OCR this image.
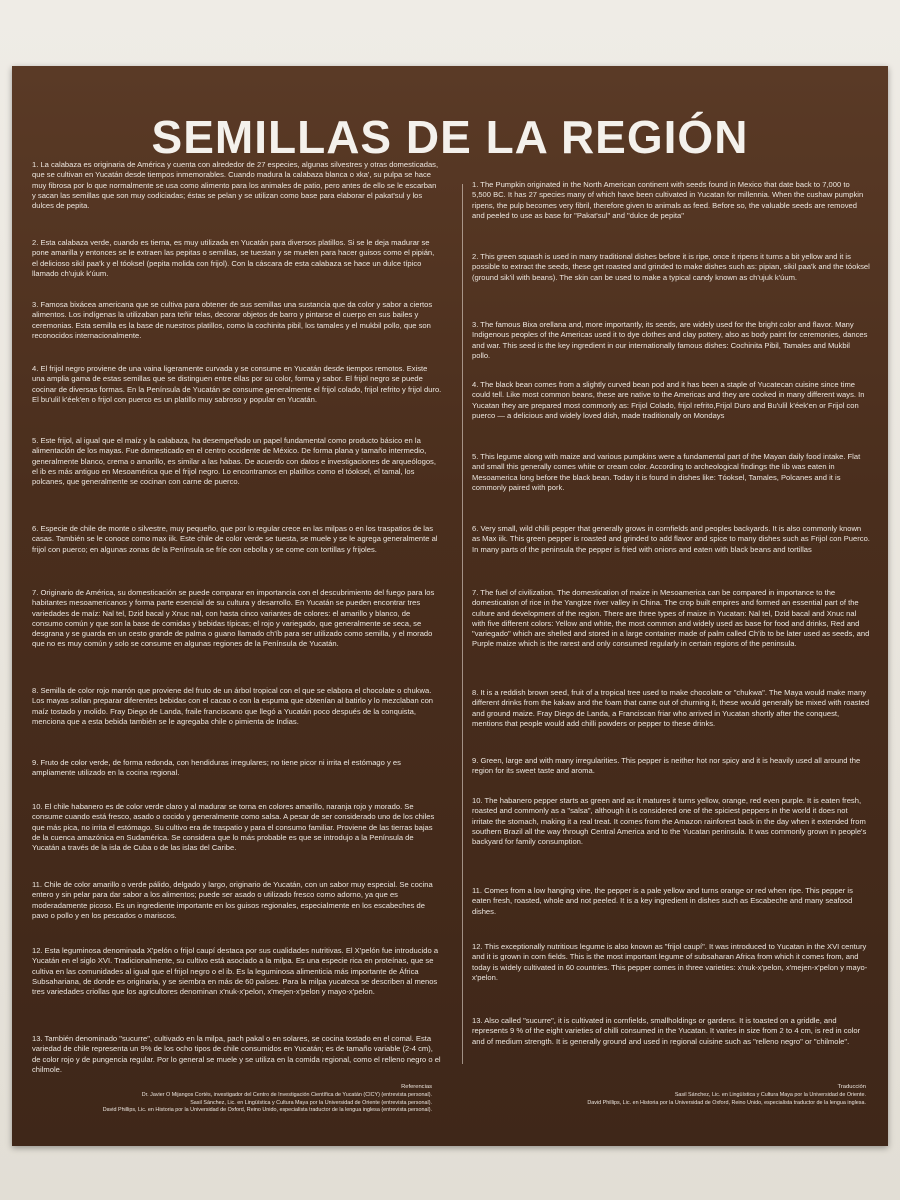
SEMILLAS DE LA REGIÓN

1. La calabaza es originaria de América y cuenta con alrededor de 27 especies, algunas silvestres y otras domesticadas, que se cultivan en Yucatán desde tiempos inmemorables. Cuando madura la calabaza blanca o xka', su pulpa se hace muy fibrosa por lo que normalmente se usa como alimento para los animales de patio, pero antes de ello se le escarban y sacan las semillas que son muy codiciadas; éstas se pelan y se utilizan como base para elaborar el pakat'sul y los dulces de pepita.

2. Esta calabaza verde, cuando es tierna, es muy utilizada en Yucatán para diversos platillos. Si se le deja madurar se pone amarilla y entonces se le extraen las pepitas o semillas, se tuestan y se muelen para hacer guisos como el pipián, el delicioso sikil paa'k y el tóoksel (pepita molida con frijol). Con la cáscara de esta calabaza se hace un dulce típico llamado ch'ujuk k'úum.

3. Famosa bixácea americana que se cultiva para obtener de sus semillas una sustancia que da color y sabor a ciertos alimentos. Los indígenas la utilizaban para teñir telas, decorar objetos de barro y pintarse el cuerpo en sus bailes y ceremonias. Esta semilla es la base de nuestros platillos, como la cochinita pibil, los tamales y el mukbil pollo, que son reconocidos internacionalmente.

4. El frijol negro proviene de una vaina ligeramente curvada y se consume en Yucatán desde tiempos remotos. Existe una amplia gama de estas semillas que se distinguen entre ellas por su color, forma y sabor. El frijol negro se puede cocinar de diversas formas. En la Península de Yucatán se consume generalmente el frijol colado, frijol refrito y frijol duro. El bu'ulil k'éek'en o frijol con puerco es un platillo muy sabroso y popular en Yucatán.

5. Este frijol, al igual que el maíz y la calabaza, ha desempeñado un papel fundamental como producto básico en la alimentación de los mayas. Fue domesticado en el centro occidente de México. De forma plana y tamaño intermedio, generalmente blanco, crema o amarillo, es similar a las habas. De acuerdo con datos e investigaciones de arqueólogos, el ib es más antiguo en Mesoamérica que el frijol negro. Lo encontramos en platillos como el tóoksel, el tamal, los polcanes, que generalmente se cocinan con carne de puerco.

6. Especie de chile de monte o silvestre, muy pequeño, que por lo regular crece en las milpas o en los traspatios de las casas. También se le conoce como max iik. Este chile de color verde se tuesta, se muele y se le agrega generalmente al frijol con puerco; en algunas zonas de la Península se fríe con cebolla y se come con tortillas y frijoles.

7. Originario de América, su domesticación se puede comparar en importancia con el descubrimiento del fuego para los habitantes mesoamericanos y forma parte esencial de su cultura y desarrollo. En Yucatán se pueden encontrar tres variedades de maíz: Nal tel, Dzid bacal y Xnuc nal, con hasta cinco variantes de colores: el amarillo y blanco, de consumo común y que son la base de comidas y bebidas típicas; el rojo y variegado, que generalmente se seca, se desgrana y se guarda en un cesto grande de palma o guano llamado ch'íb para ser utilizado como semilla, y el morado que no es muy común y solo se consume en algunas regiones de la Península de Yucatán.

8. Semilla de color rojo marrón que proviene del fruto de un árbol tropical con el que se elabora el chocolate o chukwa. Los mayas solían preparar diferentes bebidas con el cacao o con la espuma que obtenían al batirlo y lo mezclaban con maíz tostado y molido. Fray Diego de Landa, fraile franciscano que llegó a Yucatán poco después de la conquista, menciona que a esta bebida también se le agregaba chile o pimienta de Indias.

9. Fruto de color verde, de forma redonda, con hendiduras irregulares; no tiene picor ni irrita el estómago y es ampliamente utilizado en la cocina regional.

10. El chile habanero es de color verde claro y al madurar se torna en colores amarillo, naranja rojo y morado. Se consume cuando está fresco, asado o cocido y generalmente como salsa. A pesar de ser considerado uno de los chiles que más pica, no irrita el estómago. Su cultivo era de traspatio y para el consumo familiar. Proviene de las tierras bajas de la cuenca amazónica en Sudamérica. Se considera que lo más probable es que se introdujo a la Península de Yucatán a través de la isla de Cuba o de las islas del Caribe.

11. Chile de color amarillo o verde pálido, delgado y largo, originario de Yucatán, con un sabor muy especial. Se cocina entero y sin pelar para dar sabor a los alimentos; puede ser asado o utilizado fresco como adorno, ya que es moderadamente picoso. Es un ingrediente importante en los guisos regionales, especialmente en los escabeches de pavo o pollo y en los pescados o mariscos.

12. Esta leguminosa denominada X'pelón o frijol caupí destaca por sus cualidades nutritivas. El X'pelón fue introducido a Yucatán en el siglo XVI. Tradicionalmente, su cultivo está asociado a la milpa. Es una especie rica en proteínas, que se cultiva en las comunidades al igual que el frijol negro o el ib. Es la leguminosa alimenticia más importante de África Subsahariana, de donde es originaria, y se siembra en más de 60 países. Para la milpa yucateca se describen al menos tres variedades criollas que los agricultores denominan x'nuk-x'pelon, x'mejen-x'pelon y mayo-x'pelon.

13. También denominado "sucurre", cultivado en la milpa, pach pakal o en solares, se cocina tostado en el comal. Esta variedad de chile representa un 9% de los ocho tipos de chile consumidos en Yucatán; es de tamaño variable (2-4 cm), de color rojo y de pungencia regular. Por lo general se muele y se utiliza en la comida regional, como el relleno negro o el chilmole.

1. The Pumpkin originated in the North American continent with seeds found in Mexico that date back to 7,000 to 5,500 BC. It has 27 species many of which have been cultivated in Yucatan for millennia. When the cushaw pumpkin ripens, the pulp becomes very fibril, therefore given to animals as feed. Before so, the valuable seeds are removed and peeled to use as base for "Pakat'sul" and "dulce de pepita"

2. This green squash is used in many traditional dishes before it is ripe, once it ripens it turns a bit yellow and it is possible to extract the seeds, these get roasted and grinded to make dishes such as: pipian, sikil paa'k and the tóoksel (ground sik'il with beans). The skin can be used to make a typical candy known as ch'ujuk k'úum.

3. The famous Bixa orellana and, more importantly, its seeds, are widely used for the bright color and flavor. Many Indigenous peoples of the Americas used it to dye clothes and clay pottery, also as body paint for ceremonies, dances and war. This seed is the key ingredient in our internationally famous dishes: Cochinita Pibil, Tamales and Mukbil pollo.

4. The black bean comes from a slightly curved bean pod and it has been a staple of Yucatecan cuisine since time could tell. Like most common beans, these are native to the Americas and they are cooked in many different ways. In Yucatan they are prepared most commonly as: Frijol Colado, frijol refrito,Frijol Duro and Bu'ulil k'éek'en or Frijol con puerco — a delicious and widely loved dish, made traditionally on Mondays

5. This legume along with maize and various pumpkins were a fundamental part of the Mayan daily food intake. Flat and small this generally comes white or cream color. According to archeological findings the Iib was eaten in Mesoamerica long before the black bean. Today it is found in dishes like: Tóoksel, Tamales, Polcanes and it is commonly paired with pork.

6. Very small, wild chilli pepper that generally grows in cornfields and peoples backyards. It is also commonly known as Max iik. This green pepper is roasted and grinded to add flavor and spice to many dishes such as Frijol con Puerco. In many parts of the peninsula the pepper is fried with onions and eaten with black beans and tortillas

7. The fuel of civilization. The domestication of maize in Mesoamerica can be compared in importance to the domestication of rice in the Yangtze river valley in China. The crop built empires and formed an essential part of the culture and development of the region. There are three types of maize in Yucatan: Nal tel, Dzid bacal and Xnuc nal with five different colors: Yellow and white, the most common and widely used as base for food and drinks, Red and "variegado" which are shelled and stored in a large container made of palm called Ch'ib to be later used as seeds, and Purple maize which is the rarest and only consumed regularly in certain regions of the peninsula.

8. It is a reddish brown seed, fruit of a tropical tree used to make chocolate or "chukwa". The Maya would make many different drinks from the kakaw and the foam that came out of churning it, these would generally be mixed with roasted and ground maize. Fray Diego de Landa, a Franciscan friar who arrived in Yucatan shortly after the conquest, mentions that people would add chilli powders or pepper to these drinks.

9. Green, large and with many irregularities. This pepper is neither hot nor spicy and it is heavily used all around the region for its sweet taste and aroma.

10. The habanero pepper starts as green and as it matures it turns yellow, orange, red even purple. It is eaten fresh, roasted and commonly as a "salsa", although it is considered one of the spiciest peppers in the world it does not irritate the stomach, making it a real treat. It comes from the Amazon rainforest back in the day when it extended from southern Brazil all the way through Central America and to the Yucatan peninsula. It was commonly grown in people's backyard for family consumption.

11. Comes from a low hanging vine, the pepper is a pale yellow and turns orange or red when ripe. This pepper is eaten fresh, roasted, whole and not peeled. It is a key ingredient in dishes such as Escabeche and many seafood dishes.

12. This exceptionally nutritious legume is also known as "frijol caupí". It was introduced to Yucatan in the XVI century and it is grown in corn fields. This is the most important legume of subsaharan Africa from which it comes from, and today is widely cultivated in 60 countries. This pepper comes in three varieties: x'nuk-x'pelon, x'mejen-x'pelon y mayo-x'pelon.

13. Also called "sucurre", it is cultivated in cornfields, smallholdings or gardens. It is toasted on a griddle, and represents 9 % of the eight varieties of chilli consumed in the Yucatan. It varies in size from 2 to 4 cm, is red in color and of medium strength. It is generally ground and used in regional cuisine such as "relleno negro" or "chilmole".

Referencias
Dr. Javier O Mijangos Cortés, investigador del Centro de Investigación Científica de Yucatán (CICY) (entrevista personal).
Sasil Sánchez, Lic. en Lingüística y Cultura Maya por la Universidad de Oriente (entrevista personal).
David Phillips, Lic. en Historia por la Universidad de Oxford, Reino Unido, especialista traductor de la lengua inglesa (entrevista personal).
Traducción
Sasil Sánchez, Lic. en Lingüística y Cultura Maya por la Universidad de Oriente.
David Phillips, Lic. en Historia por la Universidad de Oxford, Reino Unido, especialista traductor de la lengua inglesa.
